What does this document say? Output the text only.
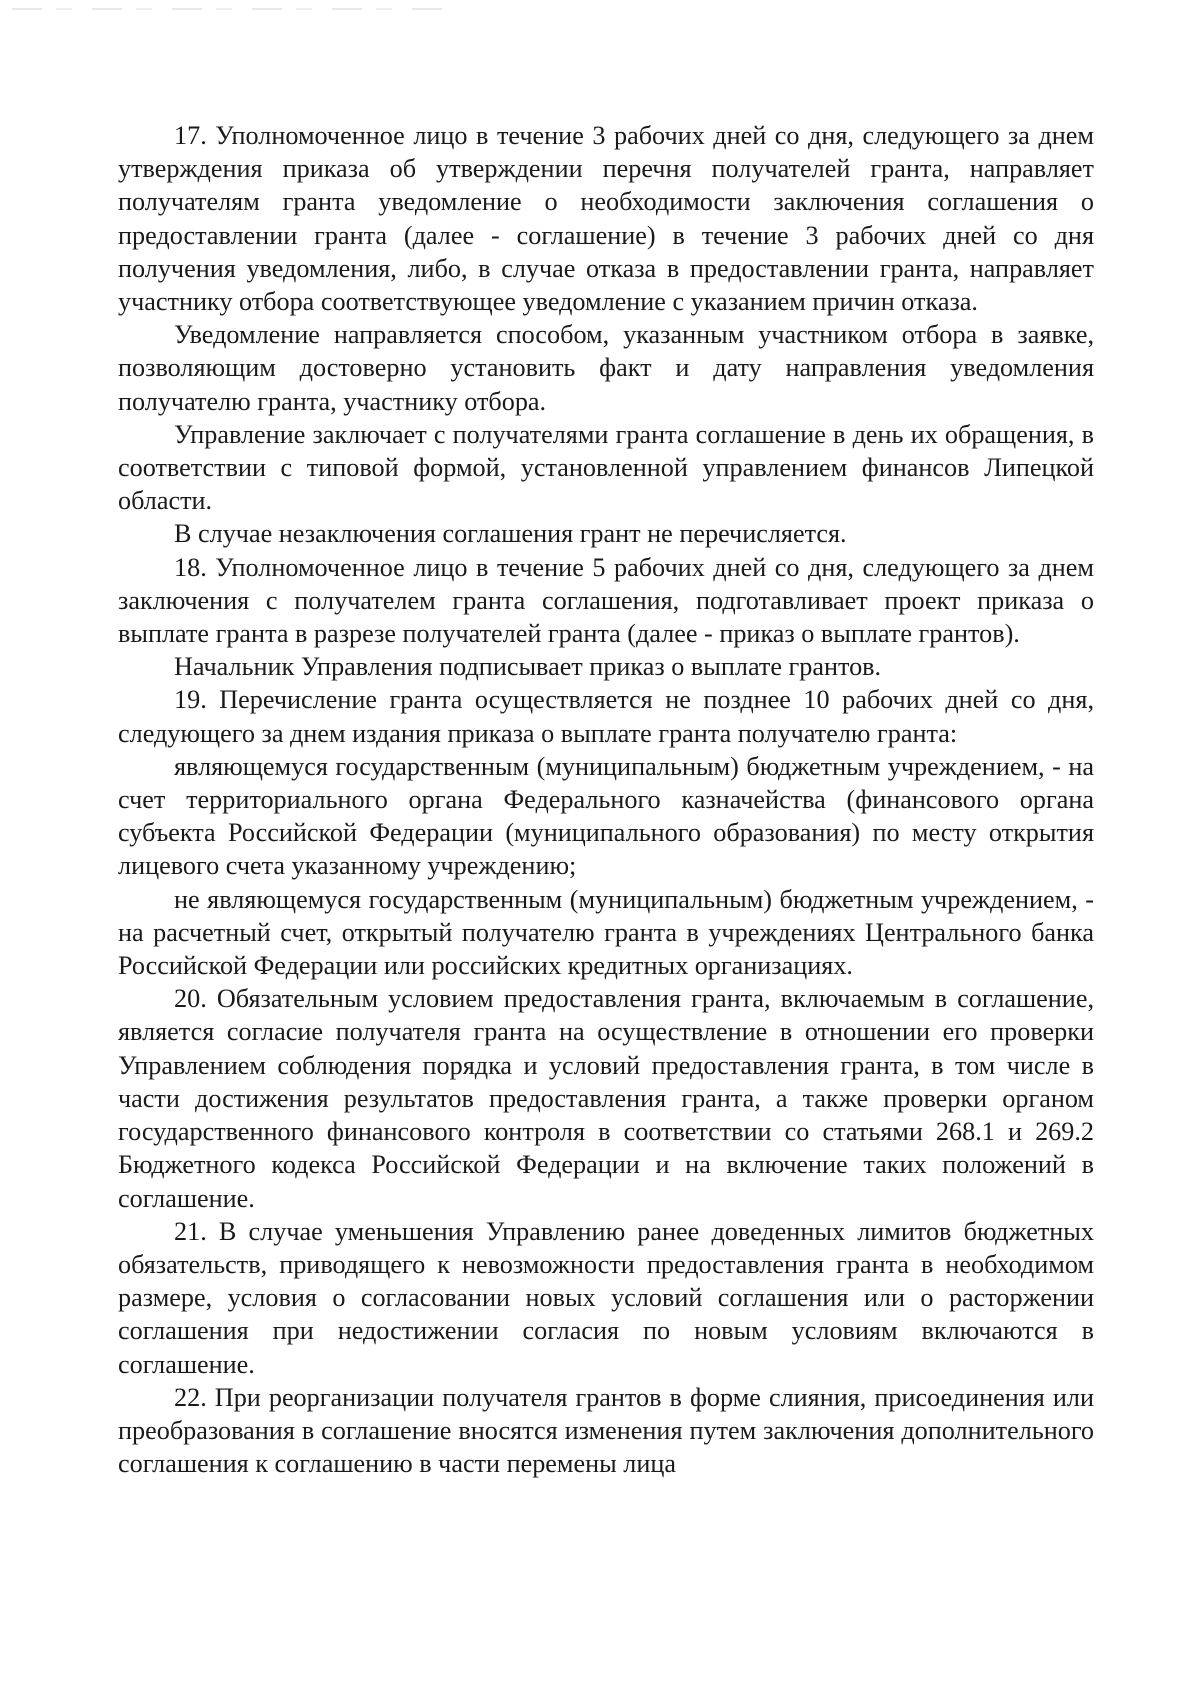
17. Уполномоченное лицо в течение 3 рабочих дней со дня, следующего за днем утверждения приказа об утверждении перечня получателей гранта, направляет получателям гранта уведомление о необходимости заключения соглашения о предоставлении гранта (далее - соглашение) в течение 3 рабочих дней со дня получения уведомления, либо, в случае отказа в предоставлении гранта, направляет участнику отбора соответствующее уведомление с указанием причин отказа.

Уведомление направляется способом, указанным участником отбора в заявке, позволяющим достоверно установить факт и дату направления уведомления получателю гранта, участнику отбора.

Управление заключает с получателями гранта соглашение в день их обращения, в соответствии с типовой формой, установленной управлением финансов Липецкой области.

В случае незаключения соглашения грант не перечисляется.

18. Уполномоченное лицо в течение 5 рабочих дней со дня, следующего за днем заключения с получателем гранта соглашения, подготавливает проект приказа о выплате гранта в разрезе получателей гранта (далее - приказ о выплате грантов).

Начальник Управления подписывает приказ о выплате грантов.

19. Перечисление гранта осуществляется не позднее 10 рабочих дней со дня, следующего за днем издания приказа о выплате гранта получателю гранта:

являющемуся государственным (муниципальным) бюджетным учреждением, - на счет территориального органа Федерального казначейства (финансового органа субъекта Российской Федерации (муниципального образования) по месту открытия лицевого счета указанному учреждению;

не являющемуся государственным (муниципальным) бюджетным учреждением, - на расчетный счет, открытый получателю гранта в учреждениях Центрального банка Российской Федерации или российских кредитных организациях.

20. Обязательным условием предоставления гранта, включаемым в соглашение, является согласие получателя гранта на осуществление в отношении его проверки Управлением соблюдения порядка и условий предоставления гранта, в том числе в части достижения результатов предоставления гранта, а также проверки органом государственного финансового контроля в соответствии со статьями 268.1 и 269.2 Бюджетного кодекса Российской Федерации и на включение таких положений в соглашение.

21. В случае уменьшения Управлению ранее доведенных лимитов бюджетных обязательств, приводящего к невозможности предоставления гранта в необходимом размере, условия о согласовании новых условий соглашения или о расторжении соглашения при недостижении согласия по новым условиям включаются в соглашение.

22. При реорганизации получателя грантов в форме слияния, присоединения или преобразования в соглашение вносятся изменения путем заключения дополнительного соглашения к соглашению в части перемены лица
